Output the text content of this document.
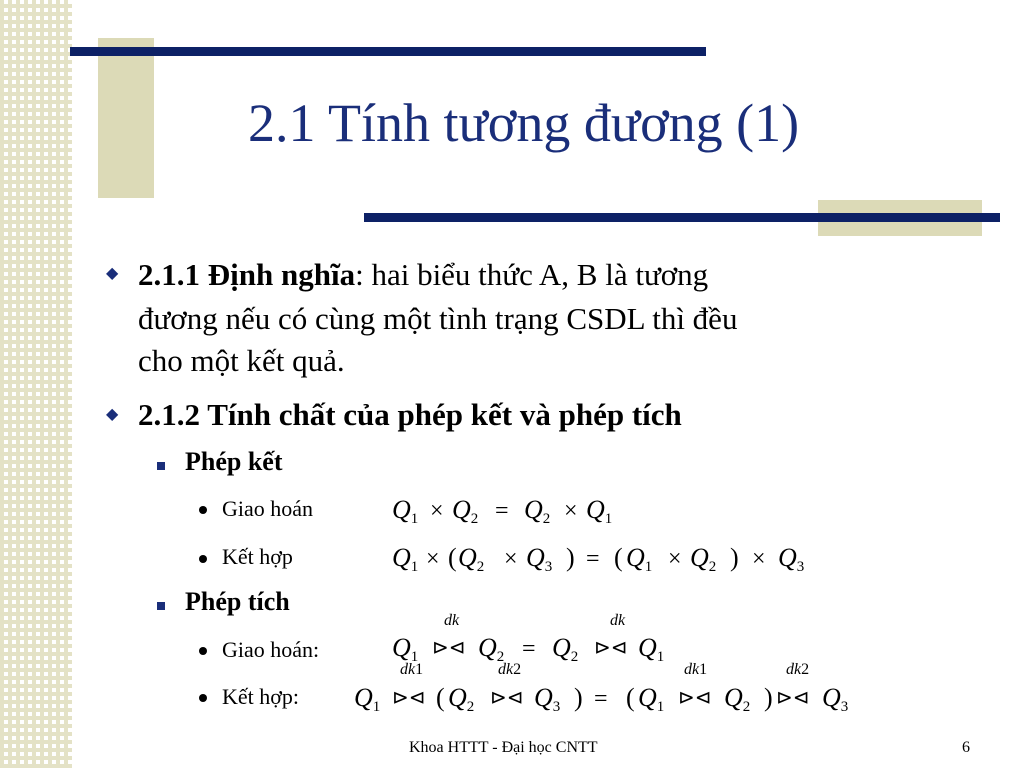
2.1 Tính tương đương (1)
◆ 2.1.1 Định nghĩa: hai biểu thức A, B là tương
đương nếu có cùng một tình trạng CSDL thì đều
cho một kết quả.
◆ 2.1.2 Tính chất của phép kết và phép tích
Phép kết
Giao hoán	Q1 × Q2 = Q2 × Q1
Kết hợp	Q1 × ( Q2 × Q3 ) = ( Q1 × Q2 ) × Q3
Phép tích
Giao hoán:
dk	dk
Q1 ⊳⊲ Q2 = Q2 ⊳⊲ Q1
Kết hợp:
dk1	dk2	dk1	dk2
Q1 ⊳⊲ ( Q2 ⊳⊲ Q3 ) = ( Q1 ⊳⊲ Q2 ) ⊳⊲ Q3
Khoa HTTT - Đại học CNTT	6
